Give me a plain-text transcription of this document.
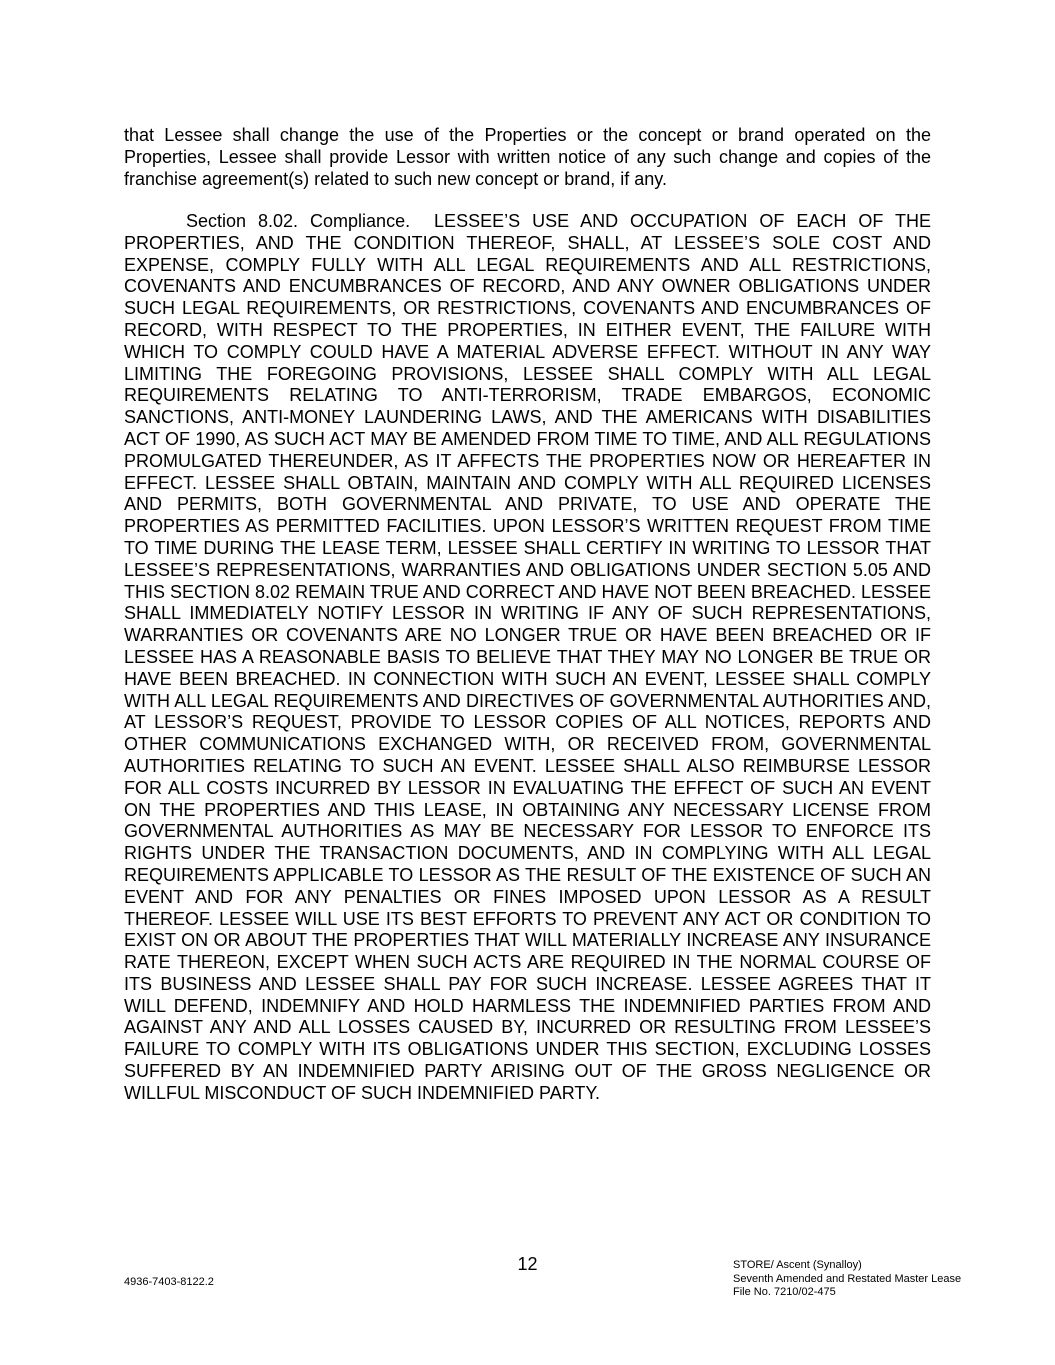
that Lessee shall change the use of the Properties or the concept or brand operated on the Properties, Lessee shall provide Lessor with written notice of any such change and copies of the franchise agreement(s) related to such new concept or brand, if any.

Section 8.02. Compliance. LESSEE’S USE AND OCCUPATION OF EACH OF THE PROPERTIES, AND THE CONDITION THEREOF, SHALL, AT LESSEE’S SOLE COST AND EXPENSE, COMPLY FULLY WITH ALL LEGAL REQUIREMENTS AND ALL RESTRICTIONS, COVENANTS AND ENCUMBRANCES OF RECORD, AND ANY OWNER OBLIGATIONS UNDER SUCH LEGAL REQUIREMENTS, OR RESTRICTIONS, COVENANTS AND ENCUMBRANCES OF RECORD, WITH RESPECT TO THE PROPERTIES, IN EITHER EVENT, THE FAILURE WITH WHICH TO COMPLY COULD HAVE A MATERIAL ADVERSE EFFECT. WITHOUT IN ANY WAY LIMITING THE FOREGOING PROVISIONS, LESSEE SHALL COMPLY WITH ALL LEGAL REQUIREMENTS RELATING TO ANTI-TERRORISM, TRADE EMBARGOS, ECONOMIC SANCTIONS, ANTI-MONEY LAUNDERING LAWS, AND THE AMERICANS WITH DISABILITIES ACT OF 1990, AS SUCH ACT MAY BE AMENDED FROM TIME TO TIME, AND ALL REGULATIONS PROMULGATED THEREUNDER, AS IT AFFECTS THE PROPERTIES NOW OR HEREAFTER IN EFFECT. LESSEE SHALL OBTAIN, MAINTAIN AND COMPLY WITH ALL REQUIRED LICENSES AND PERMITS, BOTH GOVERNMENTAL AND PRIVATE, TO USE AND OPERATE THE PROPERTIES AS PERMITTED FACILITIES. UPON LESSOR’S WRITTEN REQUEST FROM TIME TO TIME DURING THE LEASE TERM, LESSEE SHALL CERTIFY IN WRITING TO LESSOR THAT LESSEE’S REPRESENTATIONS, WARRANTIES AND OBLIGATIONS UNDER SECTION 5.05 AND THIS SECTION 8.02 REMAIN TRUE AND CORRECT AND HAVE NOT BEEN BREACHED. LESSEE SHALL IMMEDIATELY NOTIFY LESSOR IN WRITING IF ANY OF SUCH REPRESENTATIONS, WARRANTIES OR COVENANTS ARE NO LONGER TRUE OR HAVE BEEN BREACHED OR IF LESSEE HAS A REASONABLE BASIS TO BELIEVE THAT THEY MAY NO LONGER BE TRUE OR HAVE BEEN BREACHED. IN CONNECTION WITH SUCH AN EVENT, LESSEE SHALL COMPLY WITH ALL LEGAL REQUIREMENTS AND DIRECTIVES OF GOVERNMENTAL AUTHORITIES AND, AT LESSOR’S REQUEST, PROVIDE TO LESSOR COPIES OF ALL NOTICES, REPORTS AND OTHER COMMUNICATIONS EXCHANGED WITH, OR RECEIVED FROM, GOVERNMENTAL AUTHORITIES RELATING TO SUCH AN EVENT. LESSEE SHALL ALSO REIMBURSE LESSOR FOR ALL COSTS INCURRED BY LESSOR IN EVALUATING THE EFFECT OF SUCH AN EVENT ON THE PROPERTIES AND THIS LEASE, IN OBTAINING ANY NECESSARY LICENSE FROM GOVERNMENTAL AUTHORITIES AS MAY BE NECESSARY FOR LESSOR TO ENFORCE ITS RIGHTS UNDER THE TRANSACTION DOCUMENTS, AND IN COMPLYING WITH ALL LEGAL REQUIREMENTS APPLICABLE TO LESSOR AS THE RESULT OF THE EXISTENCE OF SUCH AN EVENT AND FOR ANY PENALTIES OR FINES IMPOSED UPON LESSOR AS A RESULT THEREOF. LESSEE WILL USE ITS BEST EFFORTS TO PREVENT ANY ACT OR CONDITION TO EXIST ON OR ABOUT THE PROPERTIES THAT WILL MATERIALLY INCREASE ANY INSURANCE RATE THEREON, EXCEPT WHEN SUCH ACTS ARE REQUIRED IN THE NORMAL COURSE OF ITS BUSINESS AND LESSEE SHALL PAY FOR SUCH INCREASE. LESSEE AGREES THAT IT WILL DEFEND, INDEMNIFY AND HOLD HARMLESS THE INDEMNIFIED PARTIES FROM AND AGAINST ANY AND ALL LOSSES CAUSED BY, INCURRED OR RESULTING FROM LESSEE’S FAILURE TO COMPLY WITH ITS OBLIGATIONS UNDER THIS SECTION, EXCLUDING LOSSES SUFFERED BY AN INDEMNIFIED PARTY ARISING OUT OF THE GROSS NEGLIGENCE OR WILLFUL MISCONDUCT OF SUCH INDEMNIFIED PARTY.

12
4936-7403-8122.2
STORE/ Ascent (Synalloy)
Seventh Amended and Restated Master Lease
File No. 7210/02-475
